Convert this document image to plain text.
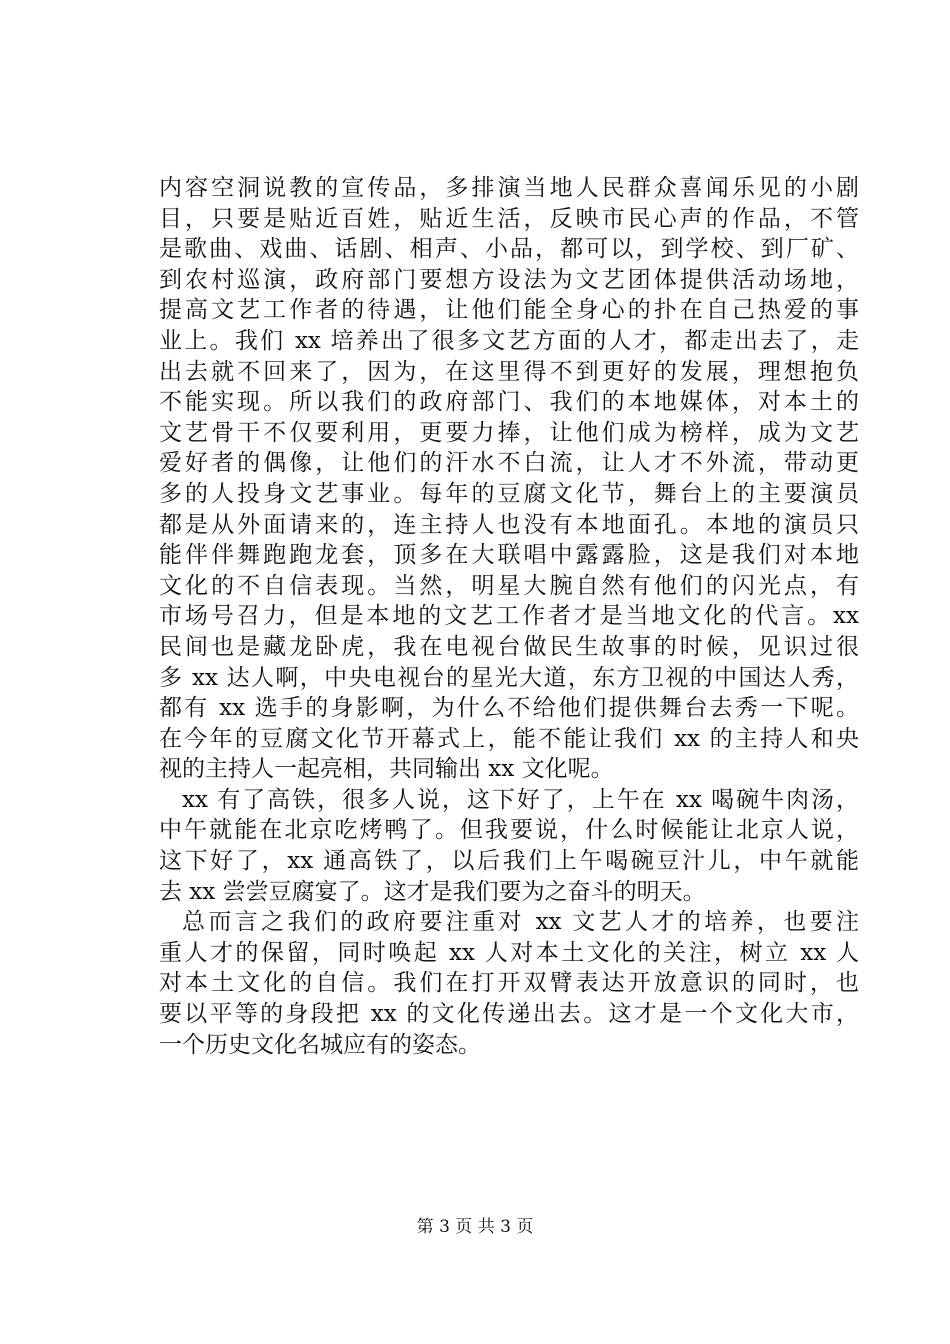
内容空洞说教的宣传品，多排演当地人民群众喜闻乐见的小剧
目，只要是贴近百姓，贴近生活，反映市民心声的作品，不管
是歌曲、戏曲、话剧、相声、小品，都可以，到学校、到厂矿、
到农村巡演，政府部门要想方设法为文艺团体提供活动场地，
提高文艺工作者的待遇，让他们能全身心的扑在自己热爱的事
业上。我们 xx 培养出了很多文艺方面的人才，都走出去了，走
出去就不回来了，因为，在这里得不到更好的发展，理想抱负
不能实现。所以我们的政府部门、我们的本地媒体，对本土的
文艺骨干不仅要利用，更要力捧，让他们成为榜样，成为文艺
爱好者的偶像，让他们的汗水不白流，让人才不外流，带动更
多的人投身文艺事业。每年的豆腐文化节，舞台上的主要演员
都是从外面请来的，连主持人也没有本地面孔。本地的演员只
能伴伴舞跑跑龙套，顶多在大联唱中露露脸，这是我们对本地
文化的不自信表现。当然，明星大腕自然有他们的闪光点，有
市场号召力，但是本地的文艺工作者才是当地文化的代言。xx
民间也是藏龙卧虎，我在电视台做民生故事的时候，见识过很
多 xx 达人啊，中央电视台的星光大道，东方卫视的中国达人秀，
都有 xx 选手的身影啊，为什么不给他们提供舞台去秀一下呢。
在今年的豆腐文化节开幕式上，能不能让我们 xx 的主持人和央
视的主持人一起亮相，共同输出 xx 文化呢。
xx 有了高铁，很多人说，这下好了，上午在 xx 喝碗牛肉汤，
中午就能在北京吃烤鸭了。但我要说，什么时候能让北京人说，
这下好了，xx 通高铁了，以后我们上午喝碗豆汁儿，中午就能
去 xx 尝尝豆腐宴了。这才是我们要为之奋斗的明天。
总而言之我们的政府要注重对 xx 文艺人才的培养，也要注
重人才的保留，同时唤起 xx 人对本土文化的关注，树立 xx 人
对本土文化的自信。我们在打开双臂表达开放意识的同时，也
要以平等的身段把 xx 的文化传递出去。这才是一个文化大市，
一个历史文化名城应有的姿态。
第 3 页 共 3 页
